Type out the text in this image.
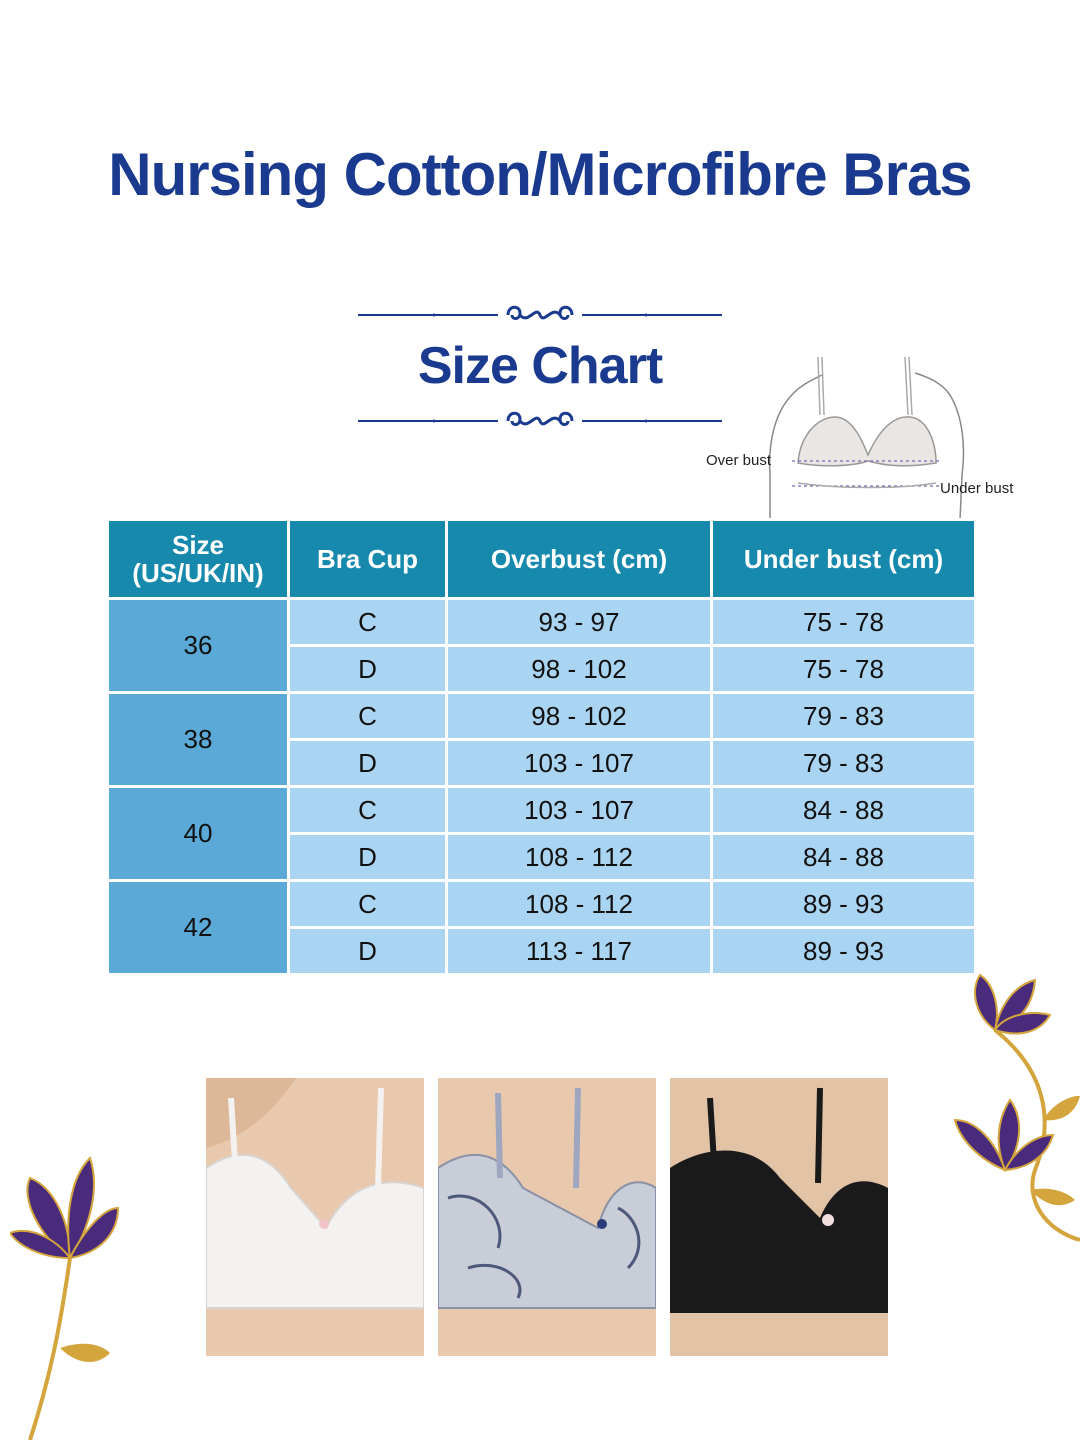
Nursing Cotton/Microfibre Bras
Size Chart
Over bust
Under bust
Size
(US/UK/IN)	Bra Cup	Overbust (cm)	Under bust (cm)
36	C	93 - 97	75 - 78
	D	98 - 102	75 - 78
38	C	98 - 102	79 - 83
	D	103 - 107	79 - 83
40	C	103 - 107	84 - 88
	D	108 - 112	84 - 88
42	C	108 - 112	89 - 93
	D	113 - 117	89 - 93
